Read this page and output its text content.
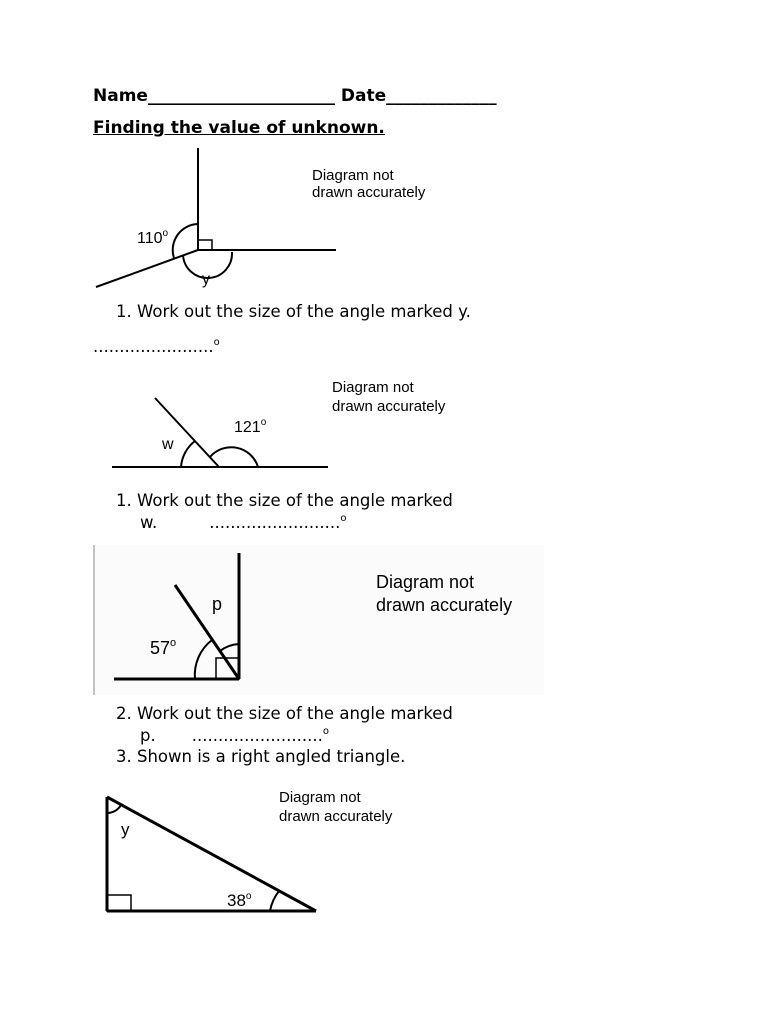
Name______________________ Date_____________
Finding the value of unknown.
110$^o$
y
Diagram not
drawn accurately
1. Work out the size of the angle marked y.
.......................$^o$
w
121$^o$
Diagram not
drawn accurately
1. Work out the size of the angle marked
w.	.........................$^o$
57$^o$
p
Diagram not
drawn accurately
2. Work out the size of the angle marked
p. .........................$^o$
3. Shown is a right angled triangle.
y
38$^o$
Diagram not
drawn accurately
